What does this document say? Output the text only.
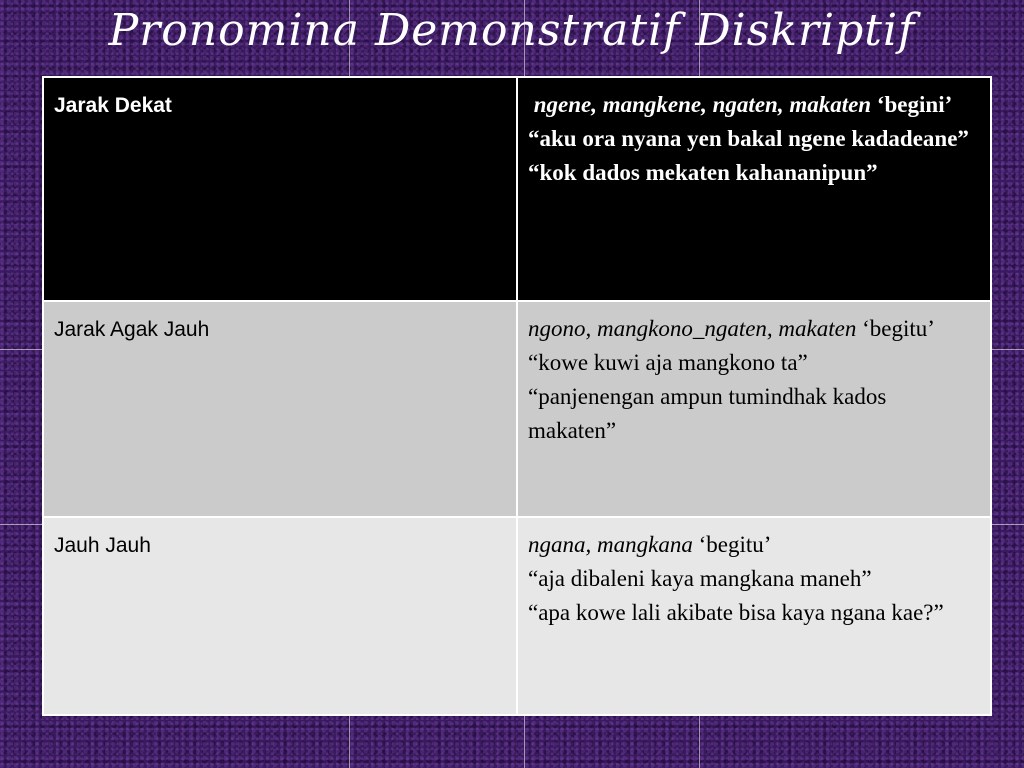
Pronomina Demonstratif Diskriptif
Jarak Dekat	ngene, mangkene, ngaten, makaten ‘begini’
“aku ora nyana yen bakal ngene kadadeane”
“kok dados mekaten kahananipun”

Jarak Agak Jauh	ngono, mangkono_ngaten, makaten ‘begitu’
“kowe kuwi aja mangkono ta”
“panjenengan ampun tumindhak kados makaten”

Jauh Jauh	ngana, mangkana ‘begitu’
“aja dibaleni kaya mangkana maneh”
“apa kowe lali akibate bisa kaya ngana kae?”
